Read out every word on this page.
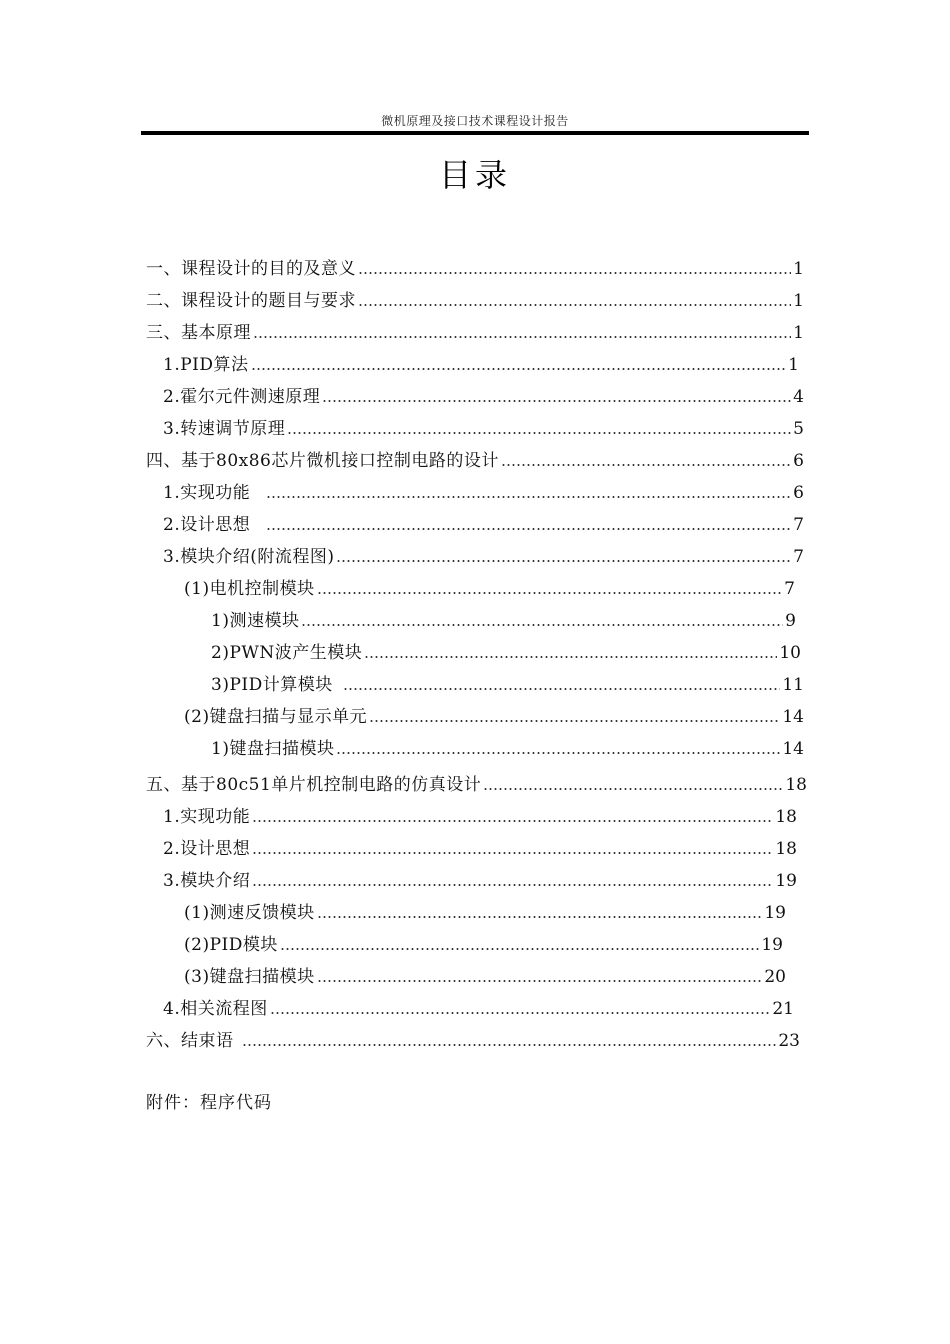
微机原理及接口技术课程设计报告
目录
一、课程设计的目的及意义	1
二、课程设计的题目与要求	1
三、基本原理	1
1.PID算法	1
2.霍尔元件测速原理	4
3.转速调节原理	5
四、基于80x86芯片微机接口控制电路的设计	6
1.实现功能	6
2.设计思想	7
3.模块介绍(附流程图)	7
(1)电机控制模块	7
1)测速模块	9
2)PWN波产生模块	10
3)PID计算模块	11
(2)键盘扫描与显示单元	14
1)键盘扫描模块	14
五、基于80c51单片机控制电路的仿真设计	18
1.实现功能	18
2.设计思想	18
3.模块介绍	19
(1)测速反馈模块	19
(2)PID模块	19
(3)键盘扫描模块	20
4.相关流程图	21
六、结束语	23
附件：程序代码
